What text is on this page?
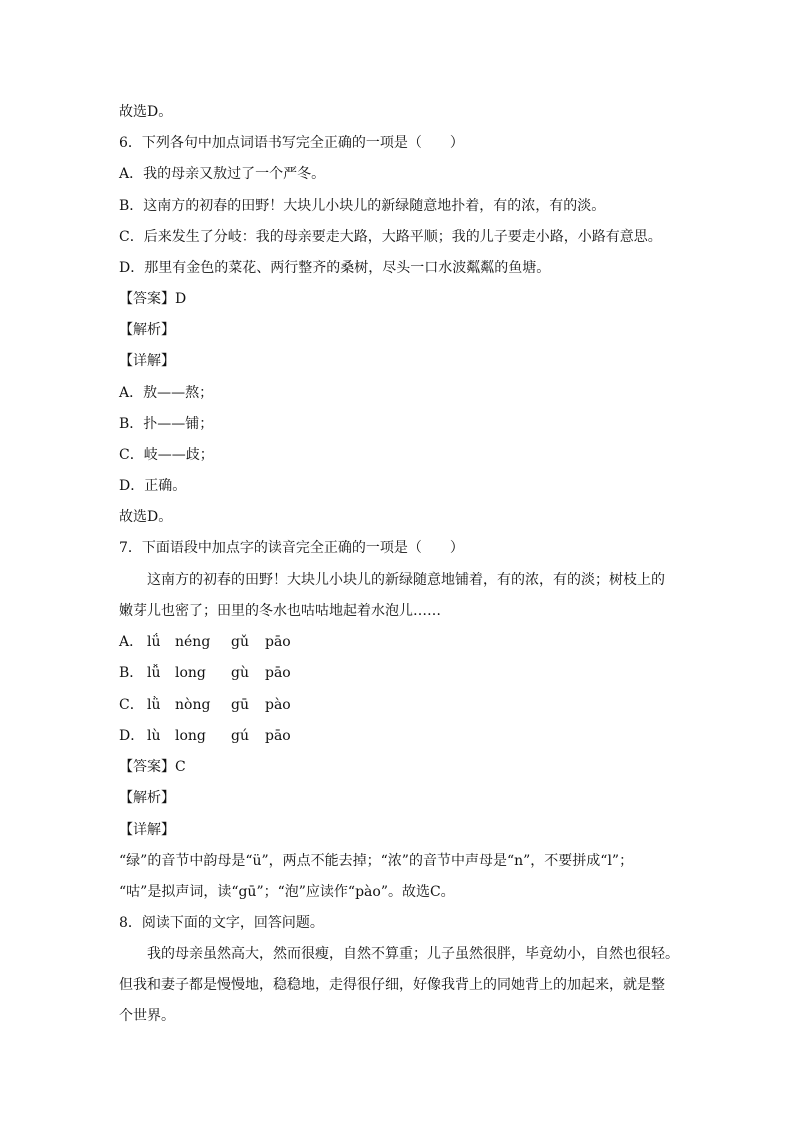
故选D。
6．下列各句中加点词语书写完全正确的一项是（　　）
A．我的母亲又敖过了一个严冬。
B．这南方的初春的田野！大块儿小块儿的新绿随意地扑着，有的浓，有的淡。
C．后来发生了分岐：我的母亲要走大路，大路平顺；我的儿子要走小路，小路有意思。
D．那里有金色的菜花、两行整齐的桑树，尽头一口水波粼粼的鱼塘。
【答案】D
【解析】
【详解】
A．敖——熬；
B．扑——铺；
C．岐——歧；
D．正确。
故选D。
7．下面语段中加点字的读音完全正确的一项是（　　）
这南方的初春的田野！大块儿小块儿的新绿随意地铺着，有的浓，有的淡；树枝上的
嫩芽儿也密了；田里的冬水也咕咕地起着水泡儿……
A． lǘ néng gǔ pāo
B． lǚ long gù pāo
C． lǜ nòng gū pào
D． lù long gú pāo
【答案】C
【解析】
【详解】
“绿”的音节中韵母是“ü”，两点不能去掉；“浓”的音节中声母是“n”，不要拼成“l”；
“咕”是拟声词，读“gū”；“泡”应读作“pào”。故选C。
8．阅读下面的文字，回答问题。
我的母亲虽然高大，然而很瘦，自然不算重；儿子虽然很胖，毕竟幼小，自然也很轻。
但我和妻子都是慢慢地，稳稳地，走得很仔细，好像我背上的同她背上的加起来，就是整
个世界。
